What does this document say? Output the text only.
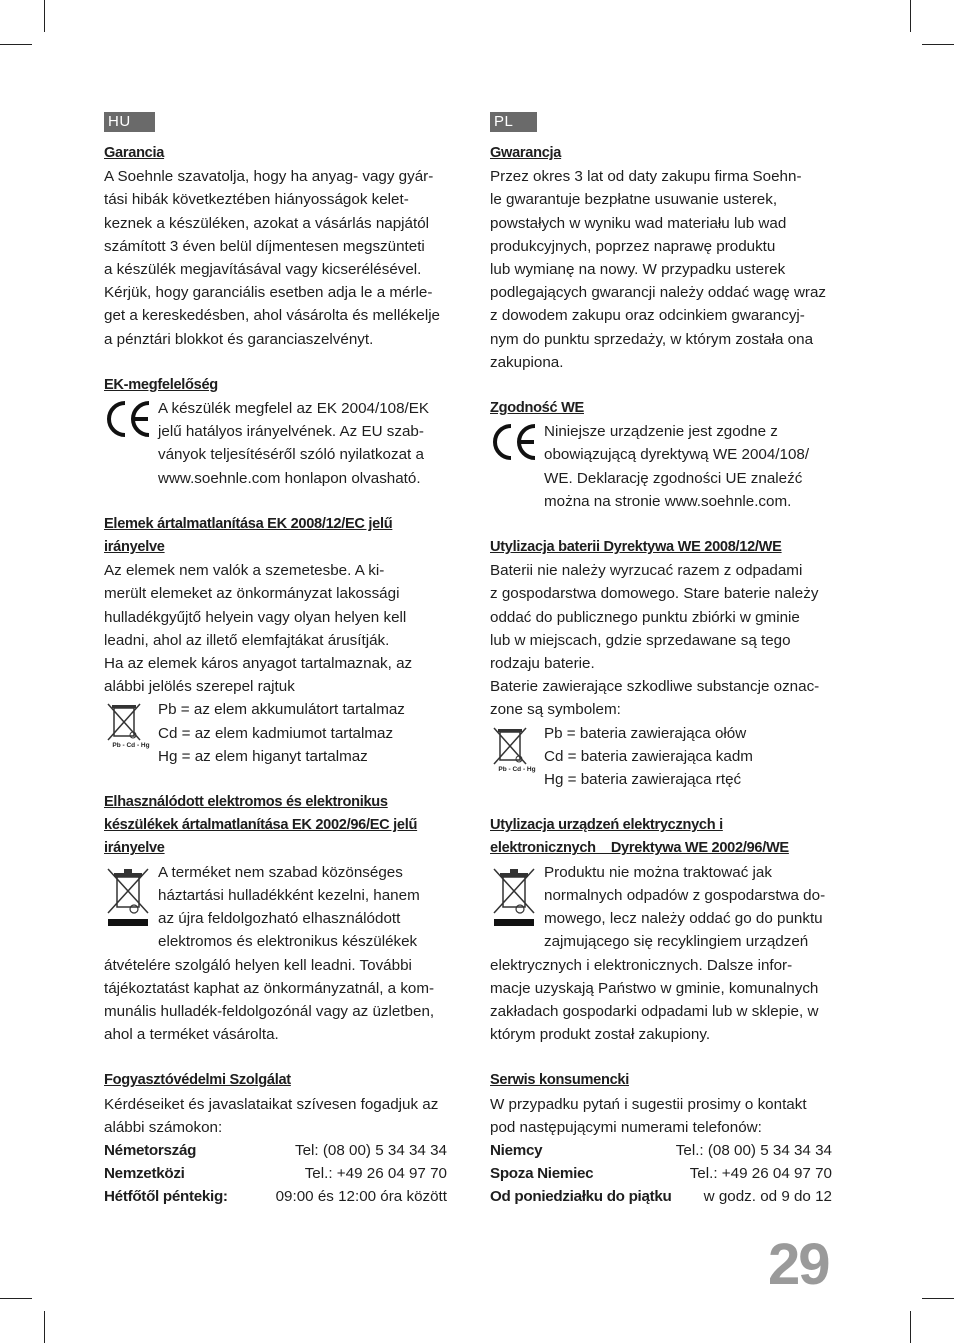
HU

Garancia

A Soehnle szavatolja, hogy ha anyag- vagy gyár-
tási hibák következtében hiányosságok kelet-
keznek a készüléken, azokat a vásárlás napjától
számított 3 éven belül díjmentesen megszünteti
a készülék megjavításával vagy kicserélésével.
Kérjük, hogy garanciális esetben adja le a mérle-
get a kereskedésben, ahol vásárolta és mellékelje
a pénztári blokkot és garanciaszelvényt.

EK-megfelelőség

A készülék megfelel az EK 2004/108/EK
jelű hatályos irányelvének. Az EU szab-
ványok teljesítéséről szóló nyilatkozat a
www.soehnle.com honlapon olvasható.

Elemek ártalmatlanítása EK 2008/12/EC jelű

irányelve

Az elemek nem valók a szemetesbe. A ki-
merült elemeket az önkormányzat lakossági
hulladékgyűjtő helyein vagy olyan helyen kell
leadni, ahol az illető elemfajtákat árusítják.
Ha az elemek káros anyagot tartalmaznak, az
alábbi jelölés szerepel rajtuk
Pb - Cd - Hg
Pb = az elem akkumulátort tartalmaz
Cd = az elem kadmiumot tartalmaz
Hg = az elem higanyt tartalmaz

Elhasználódott elektromos és elektronikus

készülékek ártalmatlanítása EK 2002/96/EC jelű

irányelve

A terméket nem szabad közönséges
háztartási hulladékként kezelni, hanem
az újra feldolgozható elhasználódott
elektromos és elektronikus készülékek
átvételére szolgáló helyen kell leadni. További
tájékoztatást kaphat az önkormányzatnál, a kom-
munális hulladék-feldolgozónál vagy az üzletben,
ahol a terméket vásárolta.

Fogyasztóvédelmi Szolgálat

Kérdéseiket és javaslataikat szívesen fogadjuk az
alábbi számokon:
Németország	Tel: (08 00) 5 34 34 34
Nemzetközi	Tel.: +49 26 04 97 70
Hétfőtől péntekig:	09:00 és 12:00 óra között
PL

Gwarancja

Przez okres 3 lat od daty zakupu firma Soehn-
le gwarantuje bezpłatne usuwanie usterek,
powstałych w wyniku wad materiału lub wad
produkcyjnych, poprzez naprawę produktu
lub wymianę na nowy. W przypadku usterek
podlegających gwarancji należy oddać wagę wraz
z dowodem zakupu oraz odcinkiem gwarancyj-
nym do punktu sprzedaży, w którym została ona
zakupiona.

Zgodność WE

Niniejsze urządzenie jest zgodne z
obowiązującą dyrektywą WE 2004/108/
WE. Deklarację zgodności UE znaleźć
można na stronie www.soehnle.com.

Utylizacja baterii Dyrektywa WE 2008/12/WE

Baterii nie należy wyrzucać razem z odpadami
z gospodarstwa domowego. Stare baterie należy
oddać do publicznego punktu zbiórki w gminie
lub w miejscach, gdzie sprzedawane są tego
rodzaju baterie.
Baterie zawierające szkodliwe substancje oznac-
zone są symbolem:
Pb - Cd - Hg
Pb = bateria zawierająca ołów
Cd = bateria zawierająca kadm
Hg = bateria zawierająca rtęć

Utylizacja urządzeń elektrycznych i

elektronicznych    Dyrektywa WE 2002/96/WE

Produktu nie można traktować jak
normalnych odpadów z gospodarstwa do-
mowego, lecz należy oddać go do punktu
zajmującego się recyklingiem urządzeń
elektrycznych i elektronicznych. Dalsze infor-
macje uzyskają Państwo w gminie, komunalnych
zakładach gospodarki odpadami lub w sklepie, w
którym produkt został zakupiony.

Serwis konsumencki

W przypadku pytań i sugestii prosimy o kontakt
pod następującymi numerami telefonów:
Niemcy	Tel.: (08 00) 5 34 34 34
Spoza Niemiec	Tel.: +49 26 04 97 70
Od poniedziałku do piątku w godz. od 9 do 12
29
